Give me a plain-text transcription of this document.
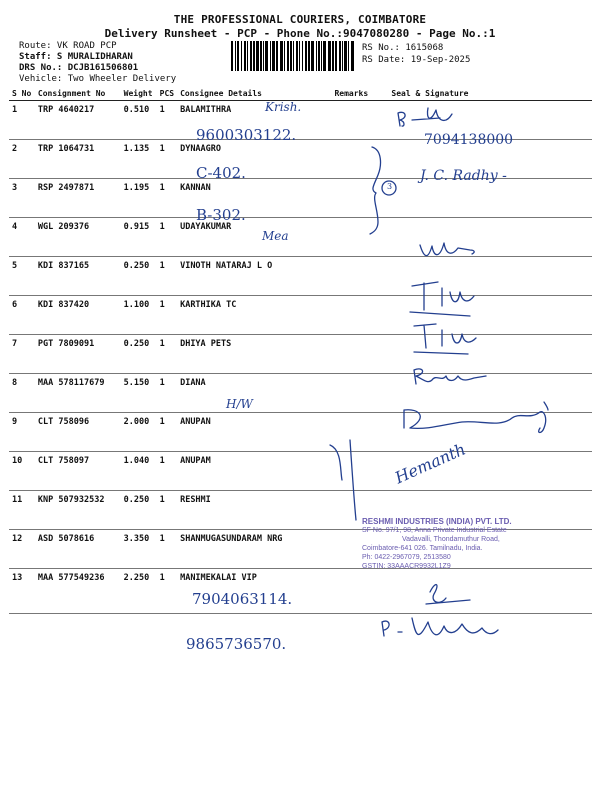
THE PROFESSIONAL COURIERS, COIMBATORE
Delivery Runsheet - PCP - Phone No.:9047080280 - Page No.:1
Route: VK ROAD PCP
Staff: S MURALIDHARAN
DRS No.: DCJB161506801
Vehicle: Two Wheeler Delivery
RS No.: 1615068
RS Date: 19-Sep-2025
S No	Consignment No	Weight	PCS	Consignee Details	Remarks	Seal & Signature
1	TRP 4640217	0.510	1	BALAMITHRA		
2	TRP 1064731	1.135	1	DYNAAGRO		
3	RSP 2497871	1.195	1	KANNAN		
4	WGL 209376	0.915	1	UDAYAKUMAR		
5	KDI 837165	0.250	1	VINOTH NATARAJ L O		
6	KDI 837420	1.100	1	KARTHIKA TC		
7	PGT 7809091	0.250	1	DHIYA PETS		
8	MAA 578117679	5.150	1	DIANA		
9	CLT 758096	2.000	1	ANUPAN		
10	CLT 758097	1.040	1	ANUPAM		
11	KNP 507932532	0.250	1	RESHMI		
12	ASD 5078616	3.350	1	SHANMUGASUNDARAM NRG		
13	MAA 577549236	2.250	1	MANIMEKALAI VIP		
Krish.
9600303122.	7094138000
C-402.	J. C. Radhy -
B-302.
Mea
H/W
7904063114.
9865736570.
3
Hemanth
RESHMI INDUSTRIES (INDIA) PVT. LTD.
SF No. 97/1, 98, Anna Private Industrial Estate
Vadavalli, Thondamuthur Road,
Coimbatore-641 026. Tamilnadu, India.
Ph: 0422-2967079, 2513580
GSTIN: 33AAACR9932L1Z9
